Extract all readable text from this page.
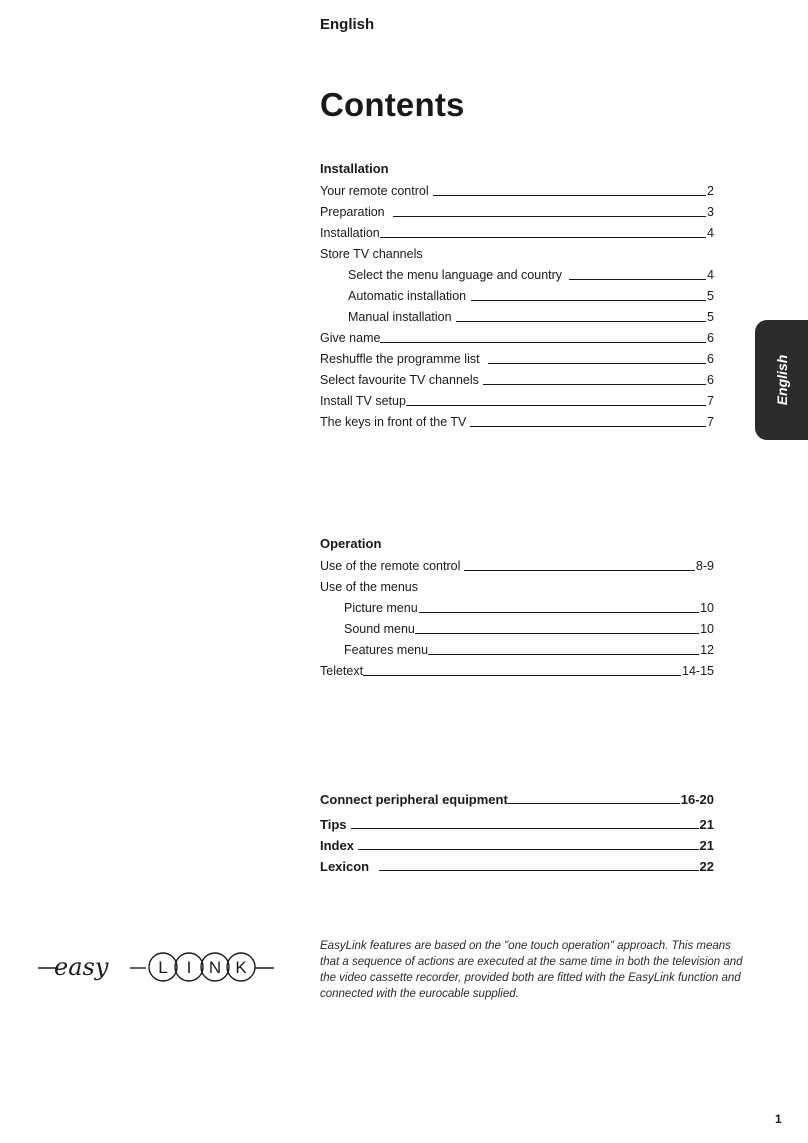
English
Contents
Installation
Your remote control	2
Preparation	3
Installation	4
Store TV channels
Select the menu language and country	4
Automatic installation	5
Manual installation	5
Give name	6
Reshuffle the programme list	6
Select favourite TV channels	6
Install TV setup	7
The keys in front of the TV	7
English
Operation
Use of the remote control	8-9
Use of the menus
Picture menu	10
Sound menu	10
Features menu	12
Teletext	14-15
Connect peripheral equipment	16-20
Tips	21
Index	21
Lexicon	22
easy	L I N K
EasyLink features are based on the "one touch operation" approach. This means that a sequence of actions are executed at the same time in both the television and the video cassette recorder, provided both are fitted with the EasyLink function and connected with the eurocable supplied.
1
